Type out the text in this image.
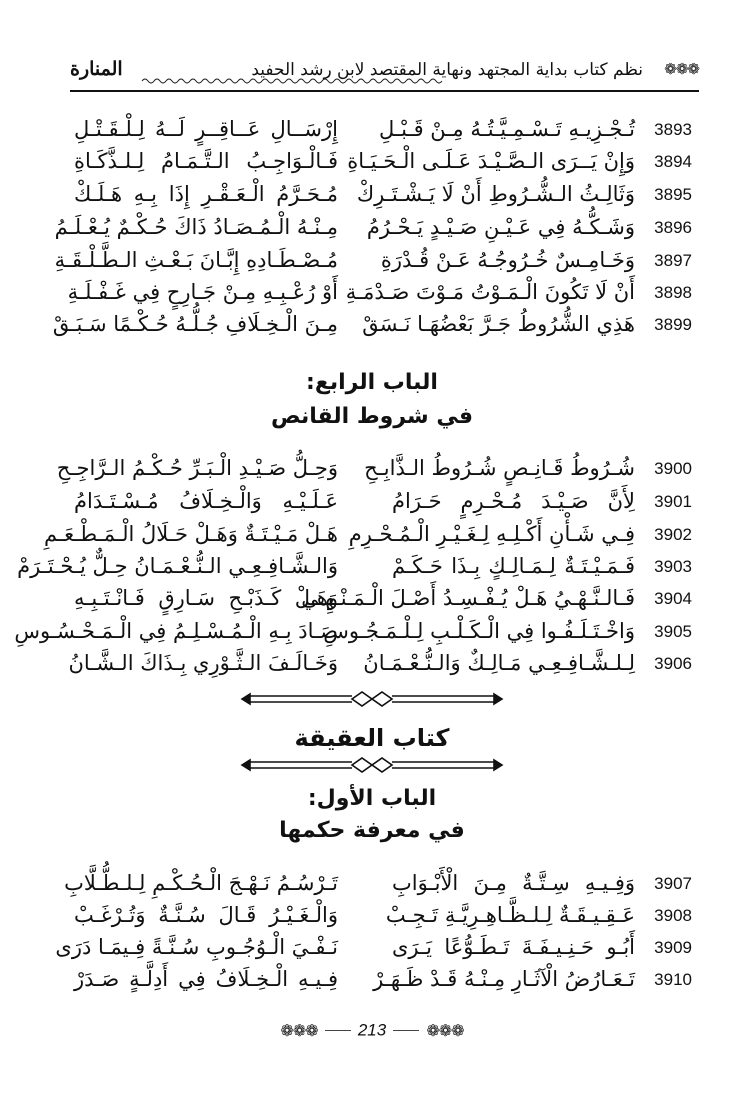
❁❁❁
نظم كتاب بداية المجتهد ونهاية المقتصد لابن رشد الحفيد
المنارة
3893
تُـجْـزِيـهِ تَـسْـمِـيَّـتُـهُ مِـنْ قَـبْـلِ
إِرْسَــالِ عَــاقِــرٍ لَــهُ لِـلْـقَـتْـلِ
3894
وَإِنْ يَــرَى الـصَّـيْـدَ عَـلَـى الْـحَـيَـاةِ
فَـالْـوَاجِـبُ الـتَّـمَـامُ لِـلـذَّكَـاةِ
3895
وَثَالِـثُ الـشُّـرُوطِ أَنْ لَا يَـشْـتَـرِكْ
مُـحَـرَّمُ الْـعَـقْـرِ إِذَا بِـهِ هَـلَـكْ
3896
وَشَـكُّـهُ فِي عَـيْـنِ صَـيْـدٍ يَـحْـرُمُ
مِـنْـهُ الْـمُـصَـادُ ذَاكَ حُـكْـمٌ يُـعْـلَـمُ
3897
وَخَـامِـسٌ خُـرُوجُـهُ عَـنْ قُـدْرَةِ
مُـصْـطَـادِهِ إِبَّـانَ بَـعْـثِ الـطَّـلْـقَـةِ
3898
أَنْ لَا تَكُونَ الْـمَـوْتُ مَـوْتَ صَـدْمَـةِ
أَوْ رُعْـبِـهِ مِـنْ جَـارِحٍ فِي غَـفْـلَـةِ
3899
هَذِي الشُّرُوطُ جَـرَّ بَعْضُهَـا نَـسَقْ
مِـنَ الْـخِـلَافِ جُـلُّـهُ حُـكْـمًا سَـبَـقْ
الباب الرابع:
في شروط القانص
3900
شُـرُوطُ قَـانِـصٍ شُـرُوطُ الـذَّابِـحِ
وَحِـلُّ صَـيْـدِ الْـبَـرِّ حُـكْـمُ الـرَّاجِـحِ
3901
لِأَنَّ صَـيْـدَ مُـحْـرِمٍ حَـرَامُ
عَـلَـيْـهِ وَالْـخِـلَافُ مُـسْـتَـدَامُ
3902
فِـي شَـأْنِ أَكْـلِـهِ لِـغَـيْـرِ الْـمُـحْـرِمِ
هَـلْ مَـيْـتَـةٌ وَهَـلْ حَـلَالُ الْـمَـطْـعَـمِ
3903
فَـمَـيْـتَـةٌ لِـمَـالِـكٍ بِـذَا حَـكَـمْ
وَالـشَّـافِـعِـي الـنُّـعْـمَـانُ حِـلٌّ يُـحْـتَـرَمْ
3904
فَـالـنَّـهْـيُ هَـلْ يُـفْـسِـدُ أَصْـلَ الْـمَـنْـهِـي
وَهَـلْ كَـذَبْـحِ سَـارِقٍ فَـانْـتَـبِـهِ
3905
وَاخْـتَـلَـفُـوا فِي الْـكَـلْـبِ لِـلْـمَـجُـوسِ
صَـادَ بِـهِ الْـمُـسْـلِـمُ فِي الْـمَـحْـسُـوسِ
3906
لِـلـشَّـافِـعِـي مَـالِـكٌ وَالـنُّـعْـمَـانُ
وَخَـالَـفَ الـثَّـوْرِي بِـذَاكَ الـشَّـانُ
كتاب العقيقة
الباب الأول:
في معرفة حكمها
3907
وَفِـيـهِ سِـتَّـةٌ مِـنَ الْأَبْـوَابِ
تَـرْسُـمُ نَـهْـجَ الْـحُـكْـمِ لِـلـطُّـلَّابِ
3908
عَـقِـيـقَـةٌ لِـلـظَّـاهِـرِيَّـةِ تَـجِـبْ
وَالْـغَـيْـرُ قَـالَ سُـنَّـةٌ وَتُـرْغَـبْ
3909
أَبُـو حَـنِـيـفَـةَ تَـطَـوُّعًا يَـرَى
نَـفْـيَ الْـوُجُـوبِ سُـنَّـةً فِـيمَـا دَرَى
3910
تَـعَـارُضُ الْآثَـارِ مِـنْـهُ قَـدْ ظَـهَـرْ
فِـيـهِ الْـخِـلَافُ فِي أَدِلَّـةٍ صَـدَرْ
❁❁❁ 213	❁❁❁
